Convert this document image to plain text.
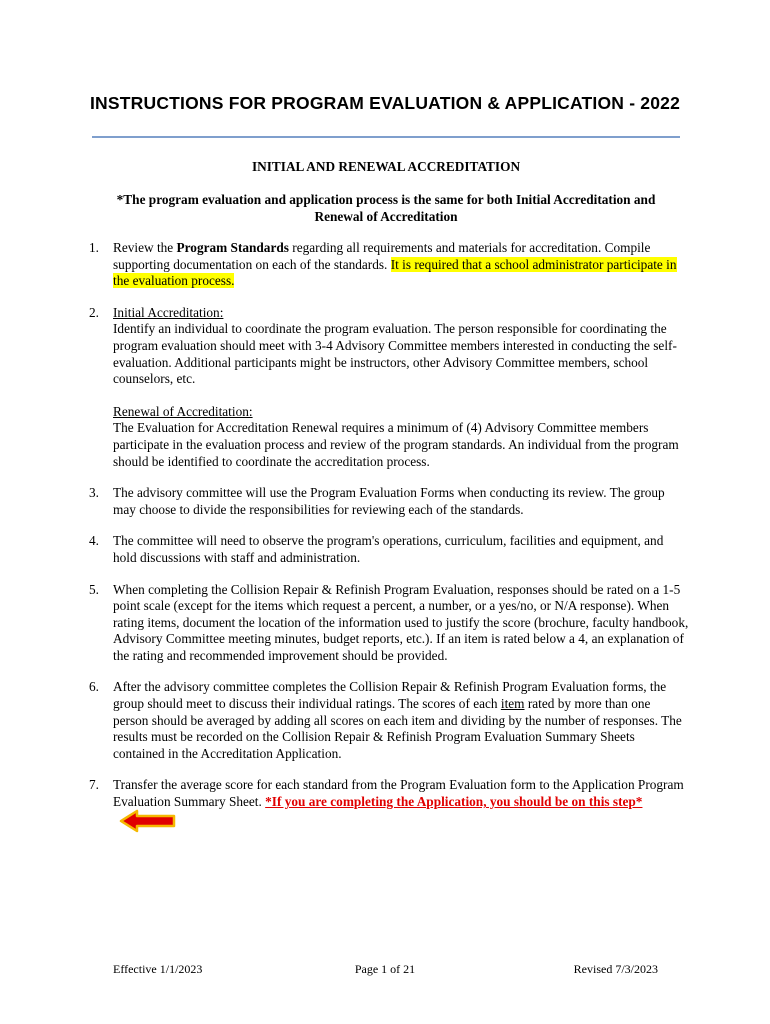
INSTRUCTIONS FOR PROGRAM EVALUATION & APPLICATION - 2022
INITIAL AND RENEWAL ACCREDITATION
*The program evaluation and application process is the same for both Initial Accreditation and Renewal of Accreditation
1. Review the Program Standards regarding all requirements and materials for accreditation. Compile supporting documentation on each of the standards. It is required that a school administrator participate in the evaluation process.

2. Initial Accreditation:

Identify an individual to coordinate the program evaluation. The person responsible for coordinating the program evaluation should meet with 3-4 Advisory Committee members interested in conducting the self-evaluation. Additional participants might be instructors, other Advisory Committee members, school counselors, etc.

Renewal of Accreditation:

The Evaluation for Accreditation Renewal requires a minimum of (4) Advisory Committee members participate in the evaluation process and review of the program standards. An individual from the program should be identified to coordinate the accreditation process.

3. The advisory committee will use the Program Evaluation Forms when conducting its review. The group may choose to divide the responsibilities for reviewing each of the standards.

4. The committee will need to observe the program's operations, curriculum, facilities and equipment, and hold discussions with staff and administration.

5. When completing the Collision Repair & Refinish Program Evaluation, responses should be rated on a 1-5 point scale (except for the items which request a percent, a number, or a yes/no, or N/A response). When rating items, document the location of the information used to justify the score (brochure, faculty handbook, Advisory Committee meeting minutes, budget reports, etc.). If an item is rated below a 4, an explanation of the rating and recommended improvement should be provided.

6. After the advisory committee completes the Collision Repair & Refinish Program Evaluation forms, the group should meet to discuss their individual ratings. The scores of each item rated by more than one person should be averaged by adding all scores on each item and dividing by the number of responses. The results must be recorded on the Collision Repair & Refinish Program Evaluation Summary Sheets contained in the Accreditation Application.

7. Transfer the average score for each standard from the Program Evaluation form to the Application Program Evaluation Summary Sheet. *If you are completing the Application, you should be on this step*

Effective 1/1/2023	Page 1 of 21	Revised 7/3/2023
